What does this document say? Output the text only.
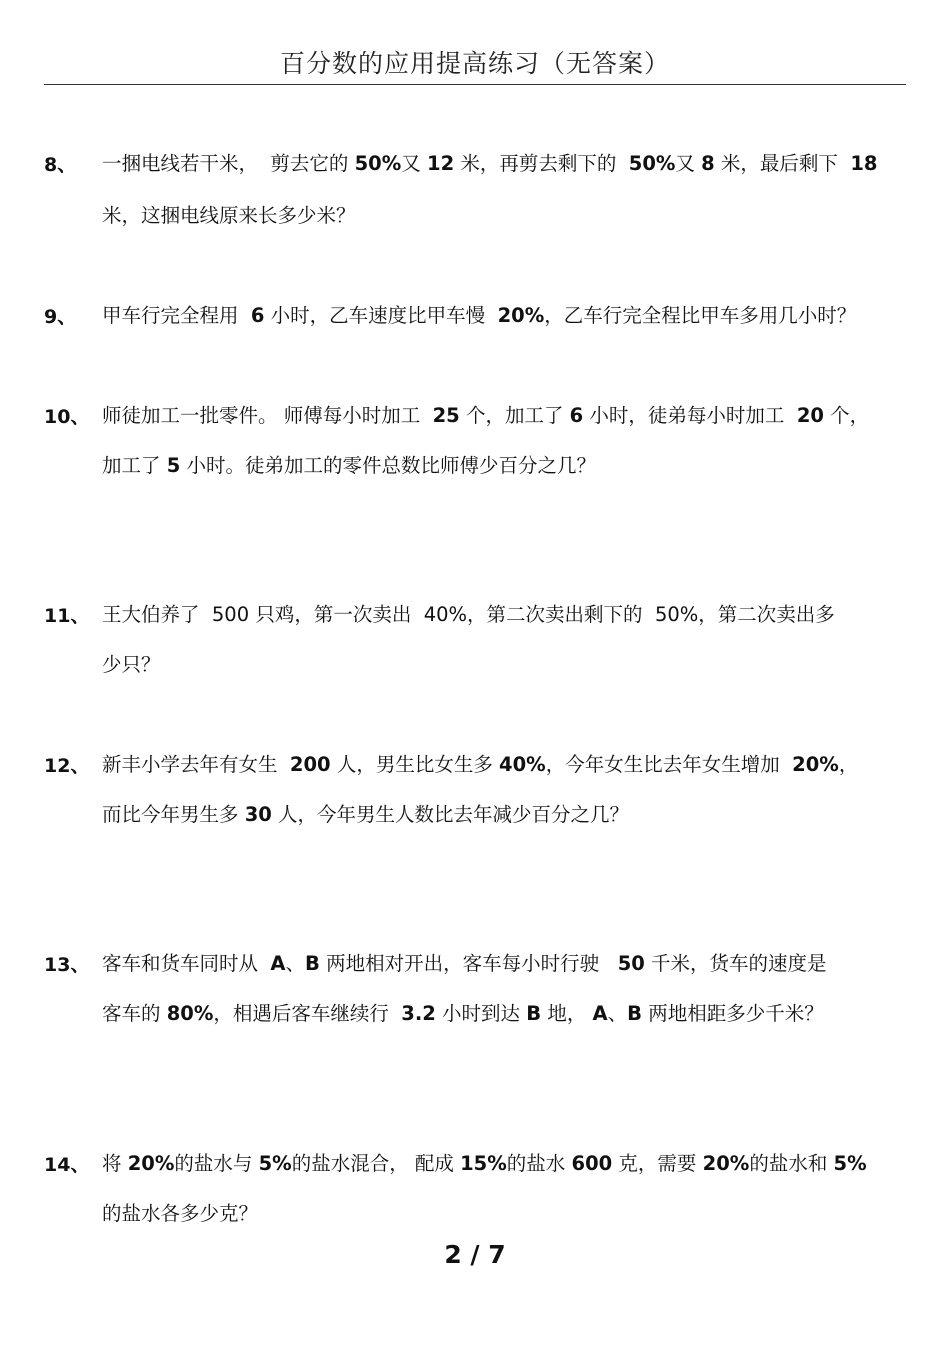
百分数的应用提高练习（无答案）
8、 一捆电线若干米，  剪去它的 50%又 12 米，再剪去剩下的  50%又 8 米，最后剩下  18
米，这捆电线原来长多少米？
9、 甲车行完全程用  6 小时，乙车速度比甲车慢  20%，乙车行完全程比甲车多用几小时？
10、 师徒加工一批零件。 师傅每小时加工  25 个，加工了 6 小时，徒弟每小时加工  20 个，
加工了 5 小时。徒弟加工的零件总数比师傅少百分之几？
11、 王大伯养了  500 只鸡，第一次卖出  40%，第二次卖出剩下的  50%，第二次卖出多
少只？
12、 新丰小学去年有女生  200 人，男生比女生多 40%，今年女生比去年女生增加  20%，
而比今年男生多 30 人，今年男生人数比去年减少百分之几？
13、 客车和货车同时从  A、B 两地相对开出，客车每小时行驶   50 千米，货车的速度是
客车的 80%，相遇后客车继续行  3.2 小时到达 B 地， A、B 两地相距多少千米？
14、 将 20%的盐水与 5%的盐水混合， 配成 15%的盐水 600 克，需要 20%的盐水和 5%
的盐水各多少克？
2 / 7
